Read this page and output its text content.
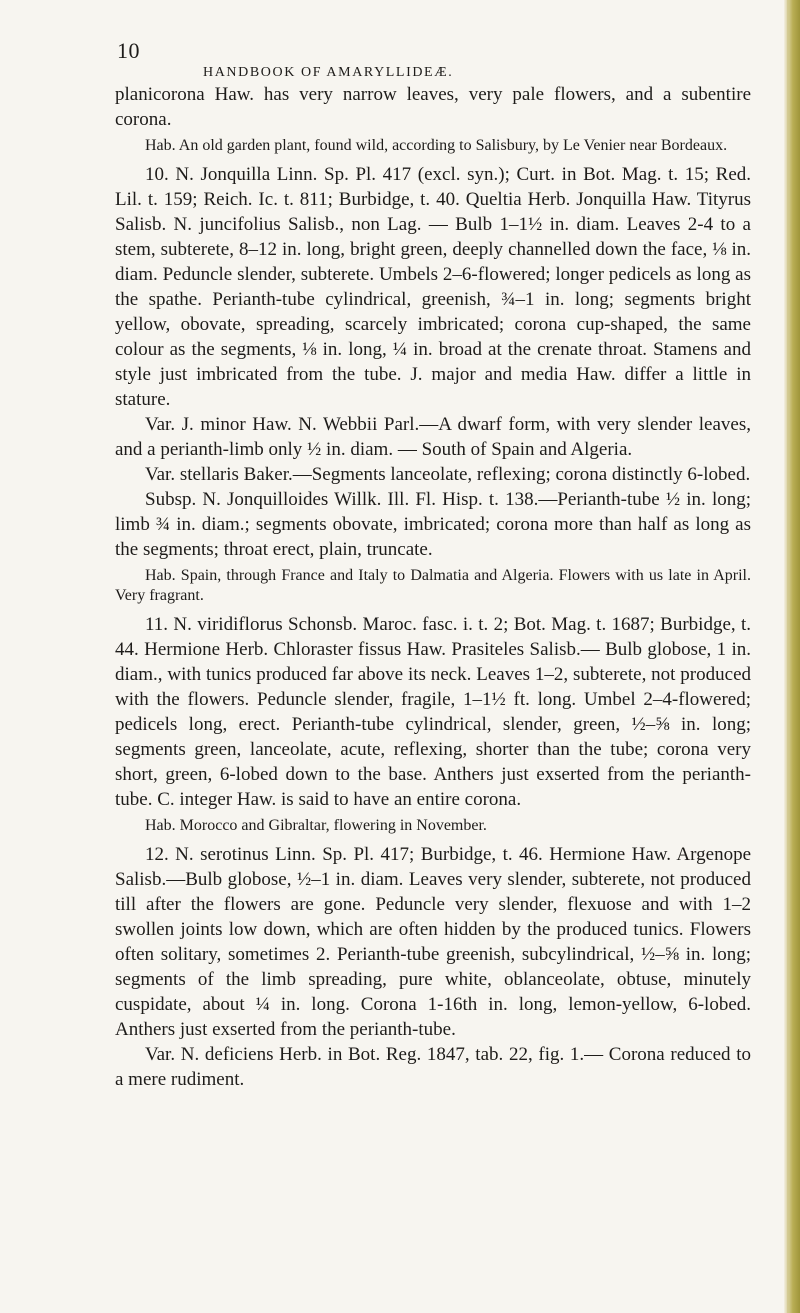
10
HANDBOOK OF AMARYLLIDEÆ.

planicorona Haw. has very narrow leaves, very pale flowers, and a subentire corona.

Hab. An old garden plant, found wild, according to Salisbury, by Le Venier near Bordeaux.

10. N. Jonquilla Linn. Sp. Pl. 417 (excl. syn.); Curt. in Bot. Mag. t. 15; Red. Lil. t. 159; Reich. Ic. t. 811; Burbidge, t. 40. Queltia Herb. Jonquilla Haw. Tityrus Salisb. N. juncifolius Salisb., non Lag. — Bulb 1–1½ in. diam. Leaves 2-4 to a stem, subterete, 8–12 in. long, bright green, deeply channelled down the face, ⅛ in. diam. Peduncle slender, subterete. Umbels 2–6-flowered; longer pedicels as long as the spathe. Perianth-tube cylindrical, greenish, ¾–1 in. long; segments bright yellow, obovate, spreading, scarcely imbricated; corona cup-shaped, the same colour as the segments, ⅛ in. long, ¼ in. broad at the crenate throat. Stamens and style just imbricated from the tube. J. major and media Haw. differ a little in stature.

Var. J. minor Haw. N. Webbii Parl.—A dwarf form, with very slender leaves, and a perianth-limb only ½ in. diam. — South of Spain and Algeria.

Var. stellaris Baker.—Segments lanceolate, reflexing; corona distinctly 6-lobed.

Subsp. N. Jonquilloides Willk. Ill. Fl. Hisp. t. 138.—Perianth-tube ½ in. long; limb ¾ in. diam.; segments obovate, imbricated; corona more than half as long as the segments; throat erect, plain, truncate.

Hab. Spain, through France and Italy to Dalmatia and Algeria. Flowers with us late in April. Very fragrant.

11. N. viridiflorus Schonsb. Maroc. fasc. i. t. 2; Bot. Mag. t. 1687; Burbidge, t. 44. Hermione Herb. Chloraster fissus Haw. Prasiteles Salisb.— Bulb globose, 1 in. diam., with tunics produced far above its neck. Leaves 1–2, subterete, not produced with the flowers. Peduncle slender, fragile, 1–1½ ft. long. Umbel 2–4-flowered; pedicels long, erect. Perianth-tube cylindrical, slender, green, ½–⅝ in. long; segments green, lanceolate, acute, reflexing, shorter than the tube; corona very short, green, 6-lobed down to the base. Anthers just exserted from the perianth-tube. C. integer Haw. is said to have an entire corona.

Hab. Morocco and Gibraltar, flowering in November.

12. N. serotinus Linn. Sp. Pl. 417; Burbidge, t. 46. Hermione Haw. Argenope Salisb.—Bulb globose, ½–1 in. diam. Leaves very slender, subterete, not produced till after the flowers are gone. Peduncle very slender, flexuose and with 1–2 swollen joints low down, which are often hidden by the produced tunics. Flowers often solitary, sometimes 2. Perianth-tube greenish, subcylindrical, ½–⅝ in. long; segments of the limb spreading, pure white, oblanceolate, obtuse, minutely cuspidate, about ¼ in. long. Corona 1-16th in. long, lemon-yellow, 6-lobed. Anthers just exserted from the perianth-tube.

Var. N. deficiens Herb. in Bot. Reg. 1847, tab. 22, fig. 1.— Corona reduced to a mere rudiment.
